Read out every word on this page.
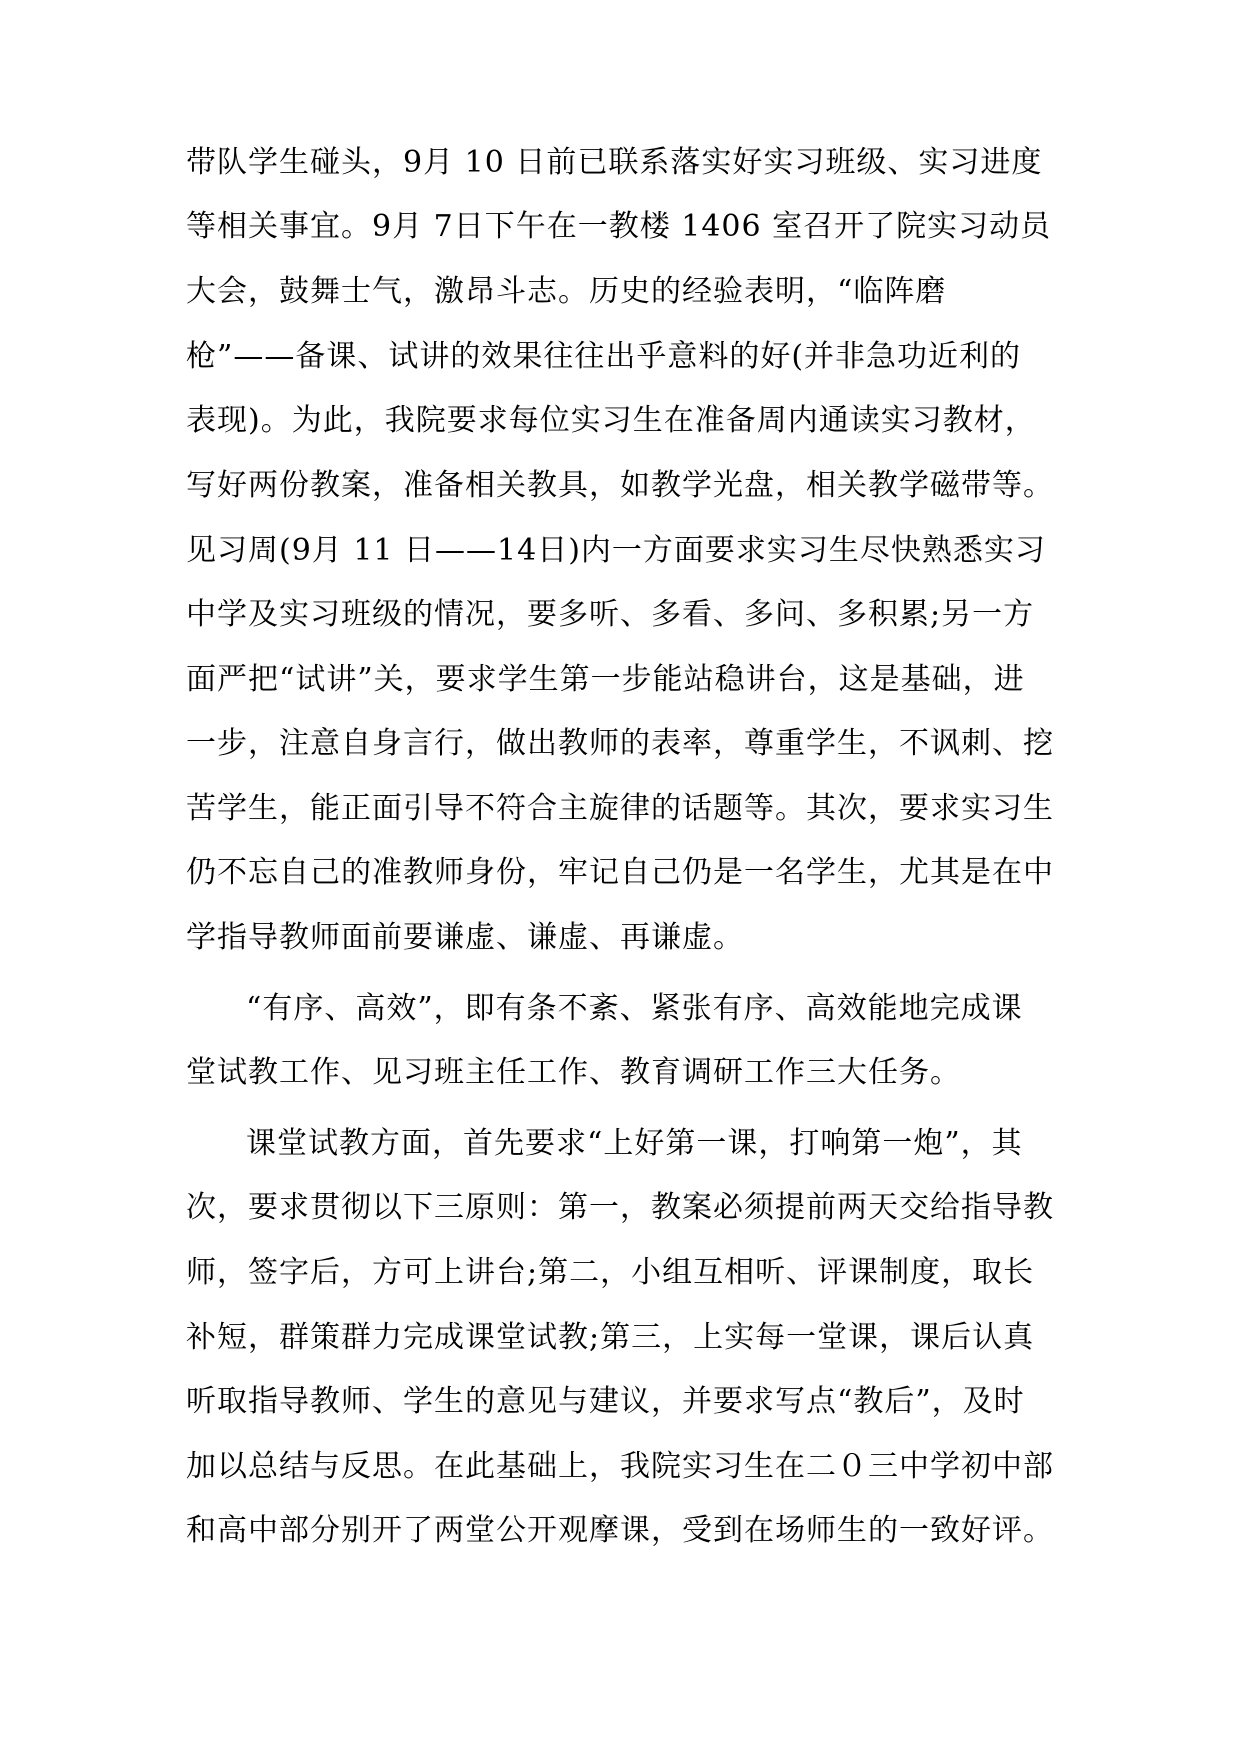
带队学生碰头，9月 10 日前已联系落实好实习班级、实习进度
等相关事宜。9月 7日下午在一教楼 1406 室召开了院实习动员
大会，鼓舞士气，激昂斗志。历史的经验表明，“临阵磨
枪”——备课、试讲的效果往往出乎意料的好(并非急功近利的
表现)。为此，我院要求每位实习生在准备周内通读实习教材，
写好两份教案，准备相关教具，如教学光盘，相关教学磁带等。
见习周(9月 11 日——14日)内一方面要求实习生尽快熟悉实习
中学及实习班级的情况，要多听、多看、多问、多积累;另一方
面严把“试讲”关，要求学生第一步能站稳讲台，这是基础，进
一步，注意自身言行，做出教师的表率，尊重学生，不讽刺、挖
苦学生，能正面引导不符合主旋律的话题等。其次，要求实习生
仍不忘自己的准教师身份，牢记自己仍是一名学生，尤其是在中
学指导教师面前要谦虚、谦虚、再谦虚。
“有序、高效”，即有条不紊、紧张有序、高效能地完成课
堂试教工作、见习班主任工作、教育调研工作三大任务。
课堂试教方面，首先要求“上好第一课，打响第一炮”，其
次，要求贯彻以下三原则：第一，教案必须提前两天交给指导教
师，签字后，方可上讲台;第二，小组互相听、评课制度，取长
补短，群策群力完成课堂试教;第三，上实每一堂课，课后认真
听取指导教师、学生的意见与建议，并要求写点“教后”，及时
加以总结与反思。在此基础上，我院实习生在二０三中学初中部
和高中部分别开了两堂公开观摩课，受到在场师生的一致好评。
